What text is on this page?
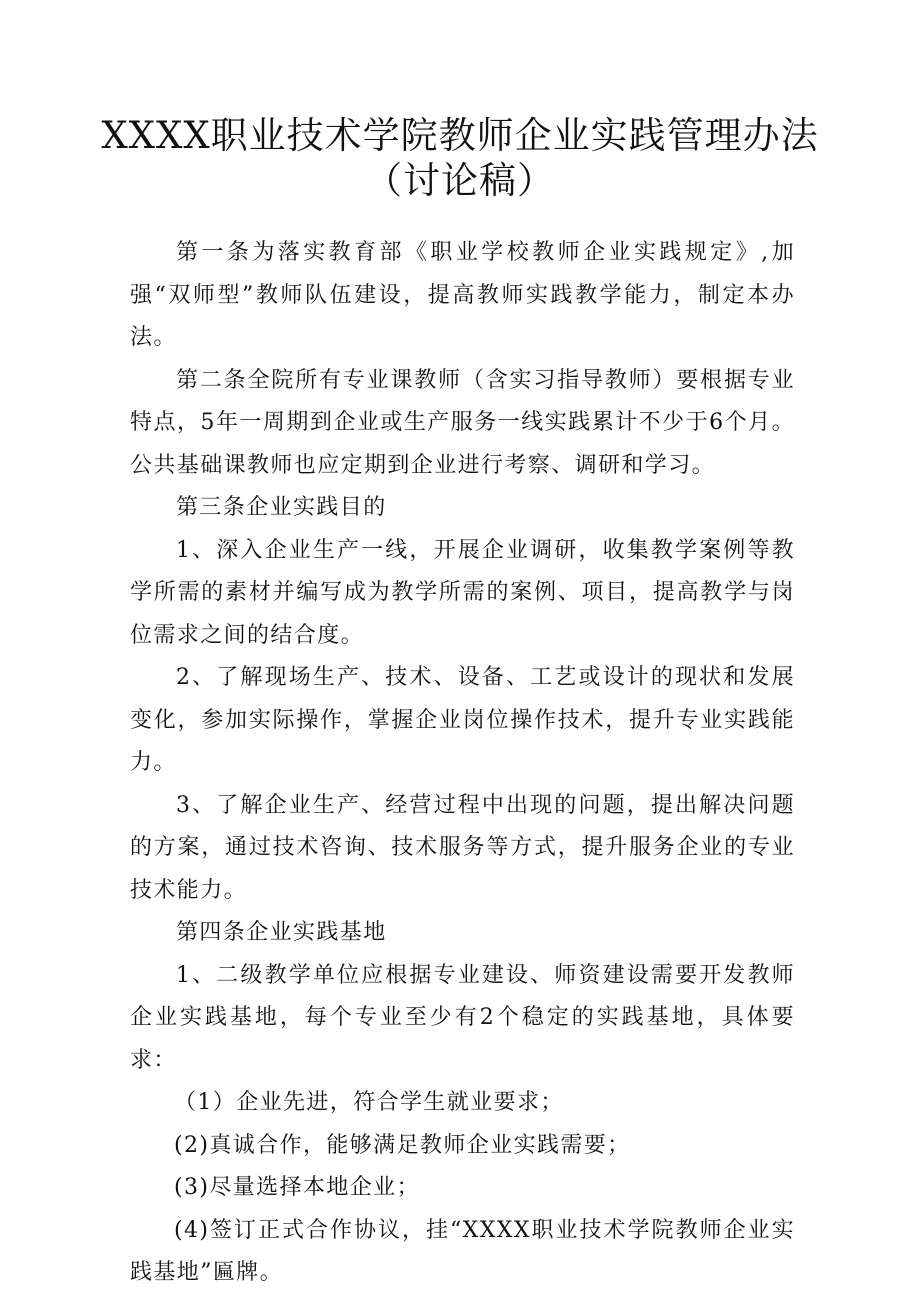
XXXX职业技术学院教师企业实践管理办法
（讨论稿）

第一条为落实教育部《职业学校教师企业实践规定》,加强“双师型”教师队伍建设，提高教师实践教学能力，制定本办法。

第二条全院所有专业课教师（含实习指导教师）要根据专业特点，5年一周期到企业或生产服务一线实践累计不少于6个月。公共基础课教师也应定期到企业进行考察、调研和学习。

第三条企业实践目的

1、深入企业生产一线，开展企业调研，收集教学案例等教学所需的素材并编写成为教学所需的案例、项目，提高教学与岗位需求之间的结合度。

2、了解现场生产、技术、设备、工艺或设计的现状和发展变化，参加实际操作，掌握企业岗位操作技术，提升专业实践能力。

3、了解企业生产、经营过程中出现的问题，提出解决问题的方案，通过技术咨询、技术服务等方式，提升服务企业的专业技术能力。

第四条企业实践基地

1、二级教学单位应根据专业建设、师资建设需要开发教师企业实践基地，每个专业至少有2个稳定的实践基地，具体要求：

（1）企业先进，符合学生就业要求；

(2)真诚合作，能够满足教师企业实践需要；

(3)尽量选择本地企业；

(4)签订正式合作协议，挂“XXXX职业技术学院教师企业实践基地”匾牌。
